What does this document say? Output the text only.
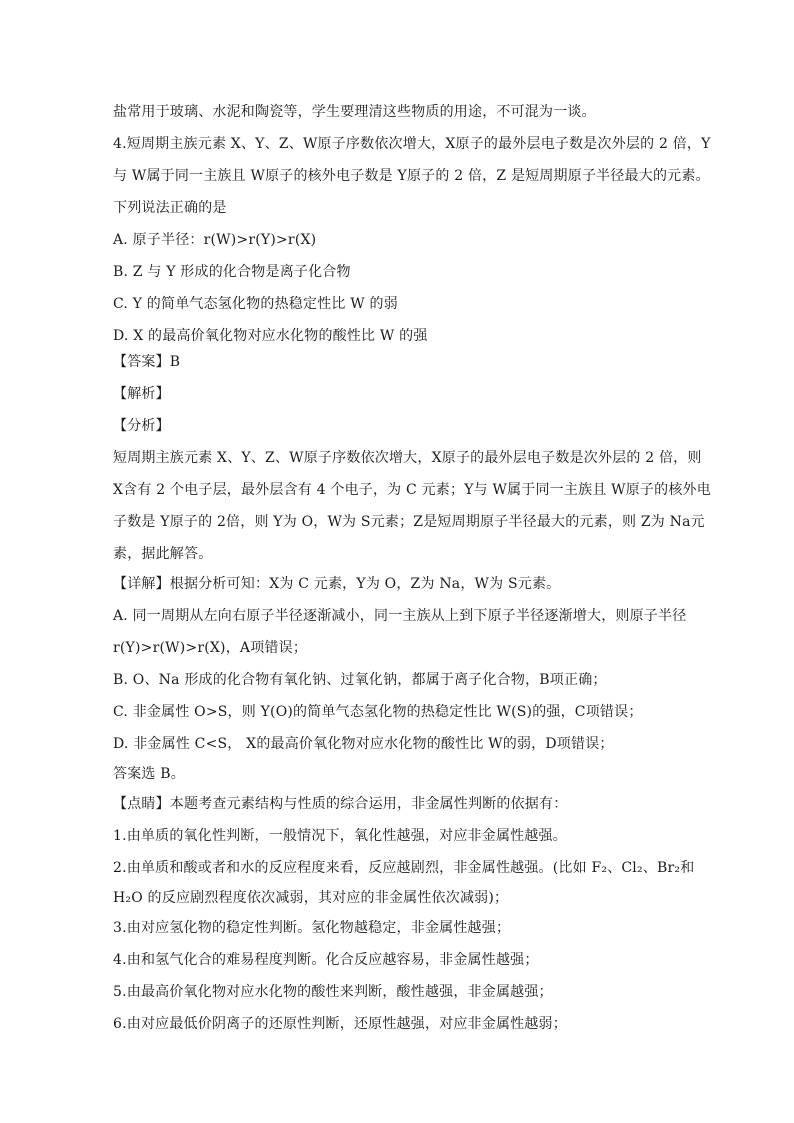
盐常用于玻璃、水泥和陶瓷等，学生要理清这些物质的用途，不可混为一谈。
4.短周期主族元素 X、Y、Z、W原子序数依次增大，X原子的最外层电子数是次外层的 2 倍，Y
与 W属于同一主族且 W原子的核外电子数是 Y原子的 2 倍，Z 是短周期原子半径最大的元素。
下列说法正确的是
A. 原子半径：r(W)>r(Y)>r(X)
B. Z 与 Y 形成的化合物是离子化合物
C. Y 的简单气态氢化物的热稳定性比 W 的弱
D. X 的最高价氧化物对应水化物的酸性比 W 的强
【答案】B
【解析】
【分析】
短周期主族元素 X、Y、Z、W原子序数依次增大，X原子的最外层电子数是次外层的 2 倍，则
X含有 2 个电子层，最外层含有 4 个电子，为 C 元素；Y与 W属于同一主族且 W原子的核外电
子数是 Y原子的 2倍，则 Y为 O，W为 S元素；Z是短周期原子半径最大的元素，则 Z为 Na元
素，据此解答。
【详解】根据分析可知：X为 C 元素，Y为 O，Z为 Na，W为 S元素。
A. 同一周期从左向右原子半径逐渐减小，同一主族从上到下原子半径逐渐增大，则原子半径
r(Y)>r(W)>r(X)，A项错误；
B. O、Na 形成的化合物有氧化钠、过氧化钠，都属于离子化合物，B项正确；
C. 非金属性 O>S，则 Y(O)的简单气态氢化物的热稳定性比 W(S)的强，C项错误；
D. 非金属性 C<S， X的最高价氧化物对应水化物的酸性比 W的弱，D项错误；
答案选 B。
【点睛】本题考查元素结构与性质的综合运用，非金属性判断的依据有：
1.由单质的氧化性判断，一般情况下，氧化性越强，对应非金属性越强。
2.由单质和酸或者和水的反应程度来看，反应越剧烈，非金属性越强。(比如 F₂、Cl₂、Br₂和
H₂O 的反应剧烈程度依次减弱，其对应的非金属性依次减弱)；
3.由对应氢化物的稳定性判断。氢化物越稳定，非金属性越强；
4.由和氢气化合的难易程度判断。化合反应越容易，非金属性越强；
5.由最高价氧化物对应水化物的酸性来判断，酸性越强，非金属越强；
6.由对应最低价阴离子的还原性判断，还原性越强，对应非金属性越弱；
